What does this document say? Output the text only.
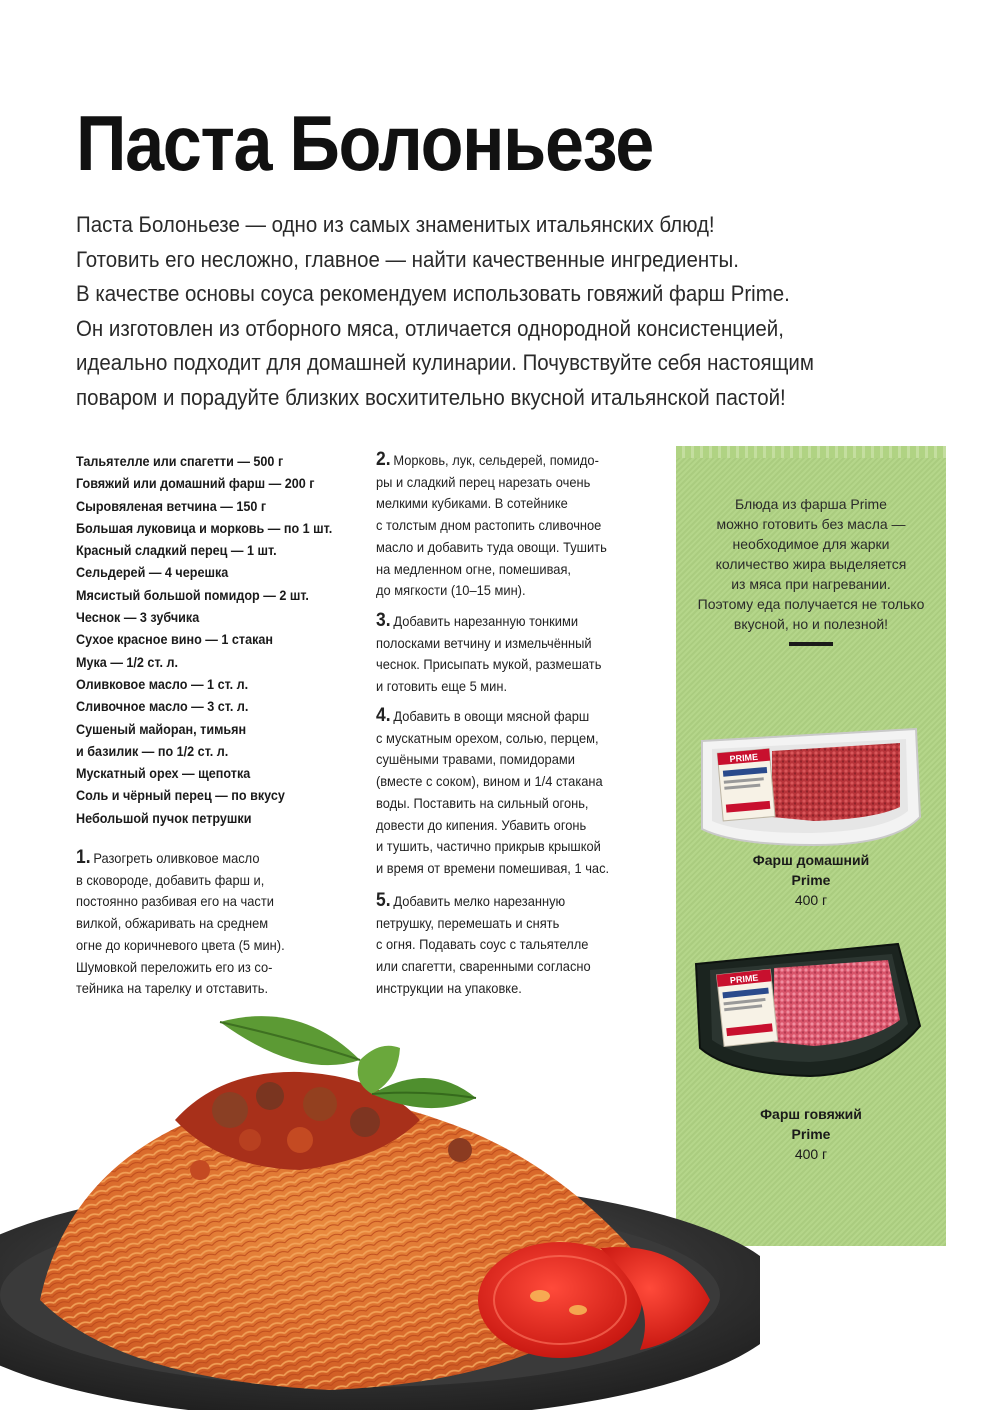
Паста Болоньезе
Паста Болоньезе — одно из самых знаменитых итальянских блюд!
Готовить его несложно, главное — найти качественные ингредиенты.
В качестве основы соуса рекомендуем использовать говяжий фарш Prime.
Он изготовлен из отборного мяса, отличается однородной консистенцией,
идеально подходит для домашней кулинарии. Почувствуйте себя настоящим
поваром и порадуйте близких восхитительно вкусной итальянской пастой!
Тальятелле или спагетти — 500 г
Говяжий или домашний фарш — 200 г
Сыровяленая ветчина — 150 г
Большая луковица и морковь — по 1 шт.
Красный сладкий перец — 1 шт.
Сельдерей — 4 черешка
Мясистый большой помидор — 2 шт.
Чеснок — 3 зубчика
Сухое красное вино — 1 стакан
Мука — 1/2 ст. л.
Оливковое масло — 1 ст. л.
Сливочное масло — 3 ст. л.
Сушеный майоран, тимьян
и базилик — по 1/2 ст. л.
Мускатный орех — щепотка
Соль и чёрный перец — по вкусу
Небольшой пучок петрушки
1. Разогреть оливковое масло
в сковороде, добавить фарш и,
постоянно разбивая его на части
вилкой, обжаривать на среднем
огне до коричневого цвета (5 мин).
Шумовкой переложить его из со-
тейника на тарелку и отставить.
2. Морковь, лук, сельдерей, помидо-
ры и сладкий перец нарезать очень
мелкими кубиками. В сотейнике
с толстым дном растопить сливочное
масло и добавить туда овощи. Тушить
на медленном огне, помешивая,
до мягкости (10–15 мин).
3. Добавить нарезанную тонкими
полосками ветчину и измельчённый
чеснок. Присыпать мукой, размешать
и готовить еще 5 мин.
4. Добавить в овощи мясной фарш
с мускатным орехом, солью, перцем,
сушёными травами, помидорами
(вместе с соком), вином и 1/4 стакана
воды. Поставить на сильный огонь,
довести до кипения. Убавить огонь
и тушить, частично прикрыв крышкой
и время от времени помешивая, 1 час.
5. Добавить мелко нарезанную
петрушку, перемешать и снять
с огня. Подавать соус с тальятелле
или спагетти, сваренными согласно
инструкции на упаковке.
Блюда из фарша Prime
можно готовить без масла —
необходимое для жарки
количество жира выделяется
из мяса при нагревании.
Поэтому еда получается не только
вкусной, но и полезной!
PRIME
Фарш домашний
Prime
400 г
PRIME
Фарш говяжий
Prime
400 г
